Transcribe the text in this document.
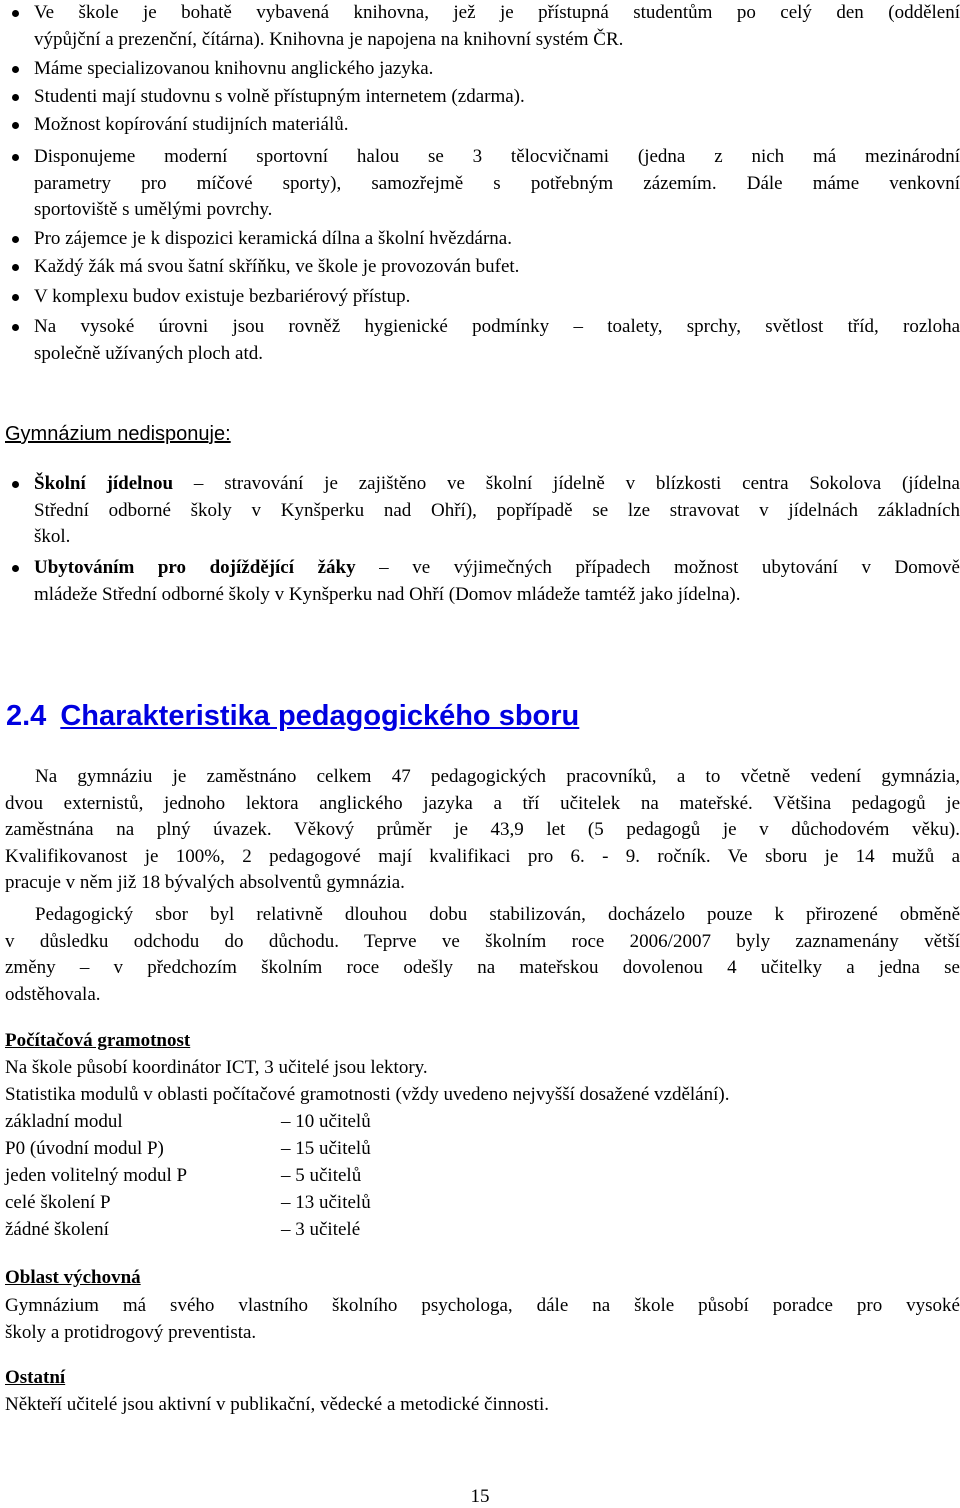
Ve škole je bohatě vybavená knihovna, jež je přístupná studentům po celý den (oddělení
výpůjční a prezenční, čítárna). Knihovna je napojena na knihovní systém ČR.
Máme specializovanou knihovnu anglického jazyka.
Studenti mají studovnu s volně přístupným internetem (zdarma).
Možnost kopírování studijních materiálů.
Disponujeme moderní sportovní halou se 3 tělocvičnami (jedna z nich má mezinárodní
parametry pro míčové sporty), samozřejmě s potřebným zázemím. Dále máme venkovní
sportoviště s umělými povrchy.
Pro zájemce je k dispozici keramická dílna a školní hvězdárna.
Každý žák má svou šatní skříňku, ve škole je provozován bufet.
V komplexu budov existuje bezbariérový přístup.
Na vysoké úrovni jsou rovněž hygienické podmínky – toalety, sprchy, světlost tříd, rozloha
společně užívaných ploch atd.
Gymnázium nedisponuje:
Školní jídelnou – stravování je zajištěno ve školní jídelně v blízkosti centra Sokolova (jídelna
Střední odborné školy v Kynšperku nad Ohří), popřípadě se lze stravovat v jídelnách základních
škol.
Ubytováním pro dojíždějící žáky – ve výjimečných případech možnost ubytování v Domově
mládeže Střední odborné školy v Kynšperku nad Ohří (Domov mládeže tamtéž jako jídelna).
2.4 Charakteristika pedagogického sboru
Na gymnáziu je zaměstnáno celkem 47 pedagogických pracovníků, a to včetně vedení gymnázia,
dvou externistů, jednoho lektora anglického jazyka a tří učitelek na mateřské. Většina pedagogů je
zaměstnána na plný úvazek. Věkový průměr je 43,9 let (5 pedagogů je v důchodovém věku).
Kvalifikovanost je 100%, 2 pedagogové mají kvalifikaci pro 6. - 9. ročník. Ve sboru je 14 mužů a
pracuje v něm již 18 bývalých absolventů gymnázia.
Pedagogický sbor byl relativně dlouhou dobu stabilizován, docházelo pouze k přirozené obměně
v důsledku odchodu do důchodu. Teprve ve školním roce 2006/2007 byly zaznamenány větší
změny – v předchozím školním roce odešly na mateřskou dovolenou 4 učitelky a jedna se
odstěhovala.
Počítačová gramotnost
Na škole působí koordinátor ICT, 3 učitelé jsou lektory.
Statistika modulů v oblasti počítačové gramotnosti (vždy uvedeno nejvyšší dosažené vzdělání).
základní modul	– 10 učitelů
P0 (úvodní modul P)	– 15 učitelů
jeden volitelný modul P	– 5 učitelů
celé školení P	– 13 učitelů
žádné školení	– 3 učitelé
Oblast výchovná
Gymnázium má svého vlastního školního psychologa, dále na škole působí poradce pro vysoké
školy a protidrogový preventista.
Ostatní
Někteří učitelé jsou aktivní v publikační, vědecké a metodické činnosti.
15
